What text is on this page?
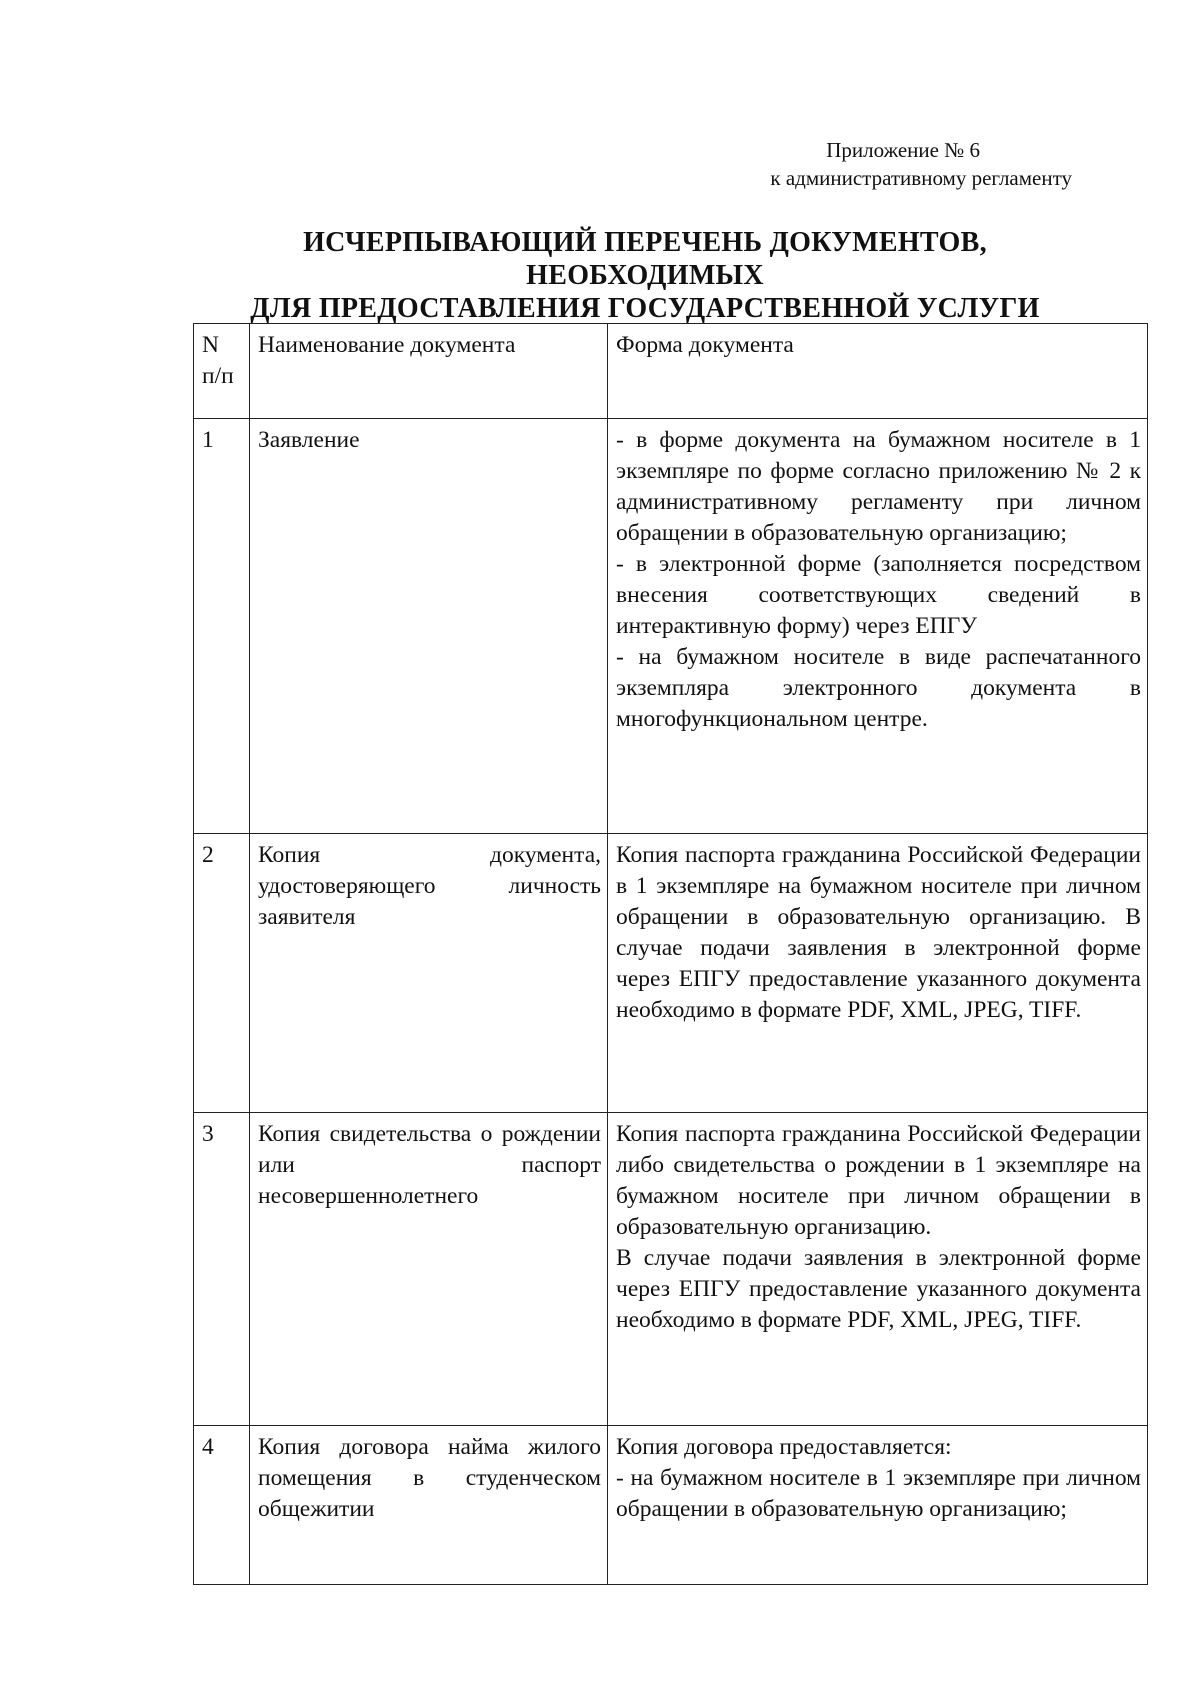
Приложение № 6
к административному регламенту
ИСЧЕРПЫВАЮЩИЙ ПЕРЕЧЕНЬ ДОКУМЕНТОВ, НЕОБХОДИМЫХ
ДЛЯ ПРЕДОСТАВЛЕНИЯ ГОСУДАРСТВЕННОЙ УСЛУГИ
N п/п	Наименование документа	Форма документа
1	Заявление	- в форме документа на бумажном носителе в 1 экземпляре по форме согласно приложению № 2 к административному регламенту при личном обращении в образовательную организацию;
- в электронной форме (заполняется посредством внесения соответствующих сведений в интерактивную форму) через ЕПГУ
- на бумажном носителе в виде распечатанного экземпляра электронного документа в многофункциональном центре.

2	Копия документа, удостоверяющего личность заявителя	Копия паспорта гражданина Российской Федерации в 1 экземпляре на бумажном носителе при личном обращении в образовательную организацию. В случае подачи заявления в электронной форме через ЕПГУ предоставление указанного документа необходимо в формате PDF, XML, JPEG, TIFF.

3	Копия свидетельства о рождении или паспорт несовершеннолетнего	Копия паспорта гражданина Российской Федерации либо свидетельства о рождении в 1 экземпляре на бумажном носителе при личном обращении в образовательную организацию.
В случае подачи заявления в электронной форме через ЕПГУ предоставление указанного документа необходимо в формате PDF, XML, JPEG, TIFF.

4	Копия договора найма жилого помещения в студенческом общежитии	Копия договора предоставляется:
- на бумажном носителе в 1 экземпляре при личном обращении в образовательную организацию;
